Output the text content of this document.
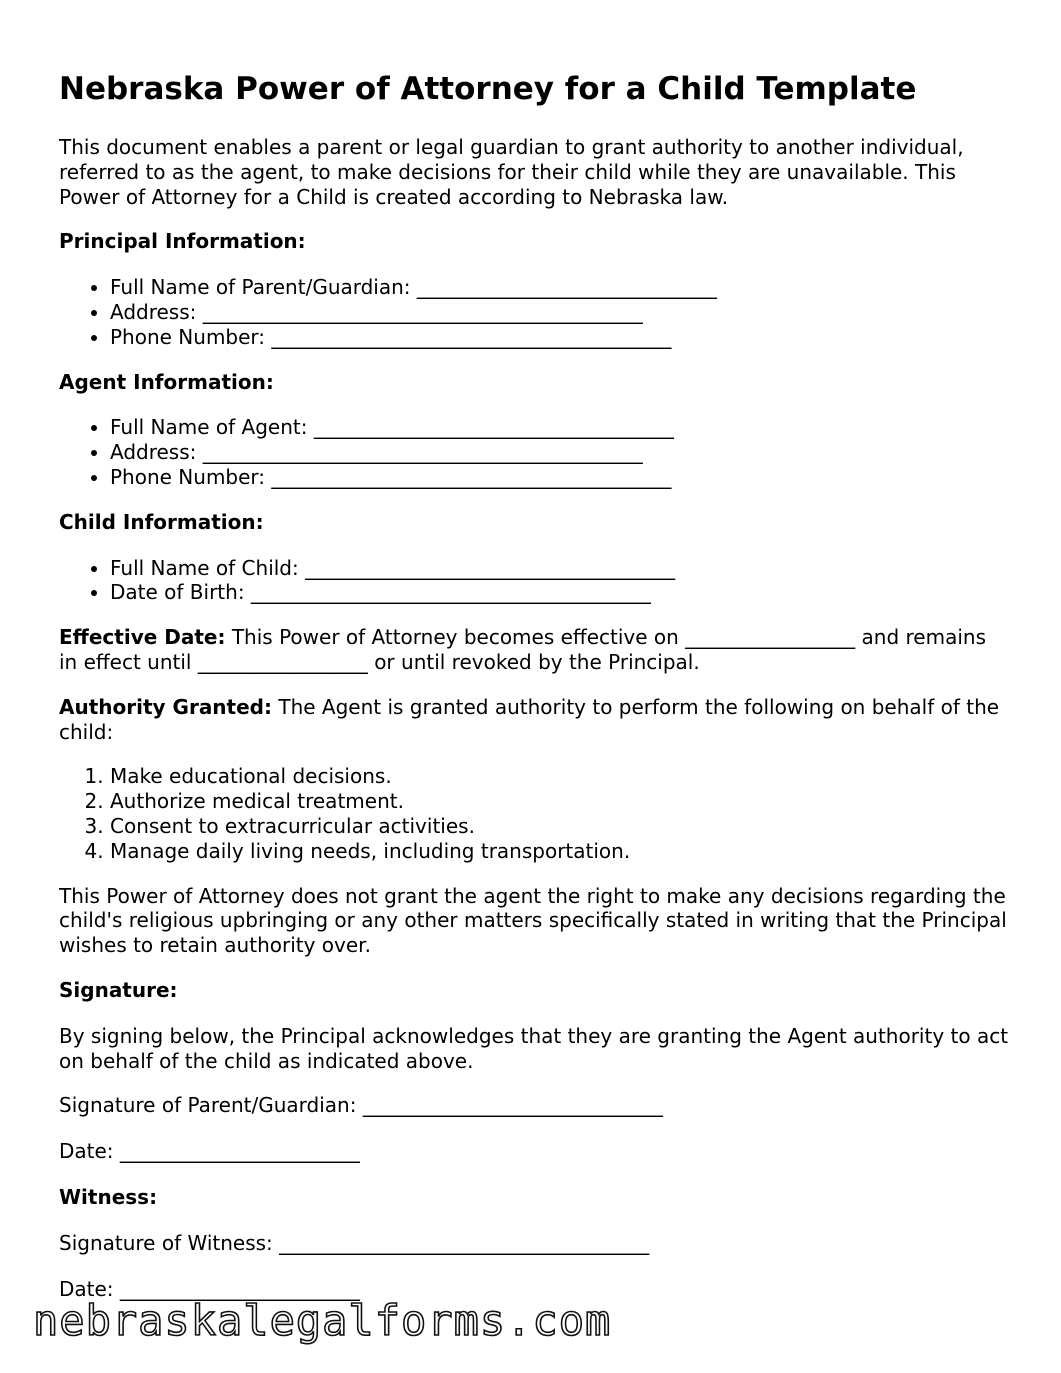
Nebraska Power of Attorney for a Child Template

This document enables a parent or legal guardian to grant authority to another individual, referred to as the agent, to make decisions for their child while they are unavailable. This Power of Attorney for a Child is created according to Nebraska law.

Principal Information:
• Full Name of Parent/Guardian: ______________________________
• Address: ____________________________________________
• Phone Number: ________________________________________
Agent Information:
• Full Name of Agent: ____________________________________
• Address: ____________________________________________
• Phone Number: ________________________________________
Child Information:
• Full Name of Child: _____________________________________
• Date of Birth: ________________________________________

Effective Date: This Power of Attorney becomes effective on _________________ and remains in effect until _________________ or until revoked by the Principal.

Authority Granted: The Agent is granted authority to perform the following on behalf of the child:

1. Make educational decisions.
2. Authorize medical treatment.
3. Consent to extracurricular activities.
4. Manage daily living needs, including transportation.

This Power of Attorney does not grant the agent the right to make any decisions regarding the child's religious upbringing or any other matters specifically stated in writing that the Principal wishes to retain authority over.

Signature:

By signing below, the Principal acknowledges that they are granting the Agent authority to act on behalf of the child as indicated above.

Signature of Parent/Guardian: ______________________________
Date: ________________________
Witness:
Signature of Witness: _____________________________________
Date: ________________________
nebraskalegalforms.com
